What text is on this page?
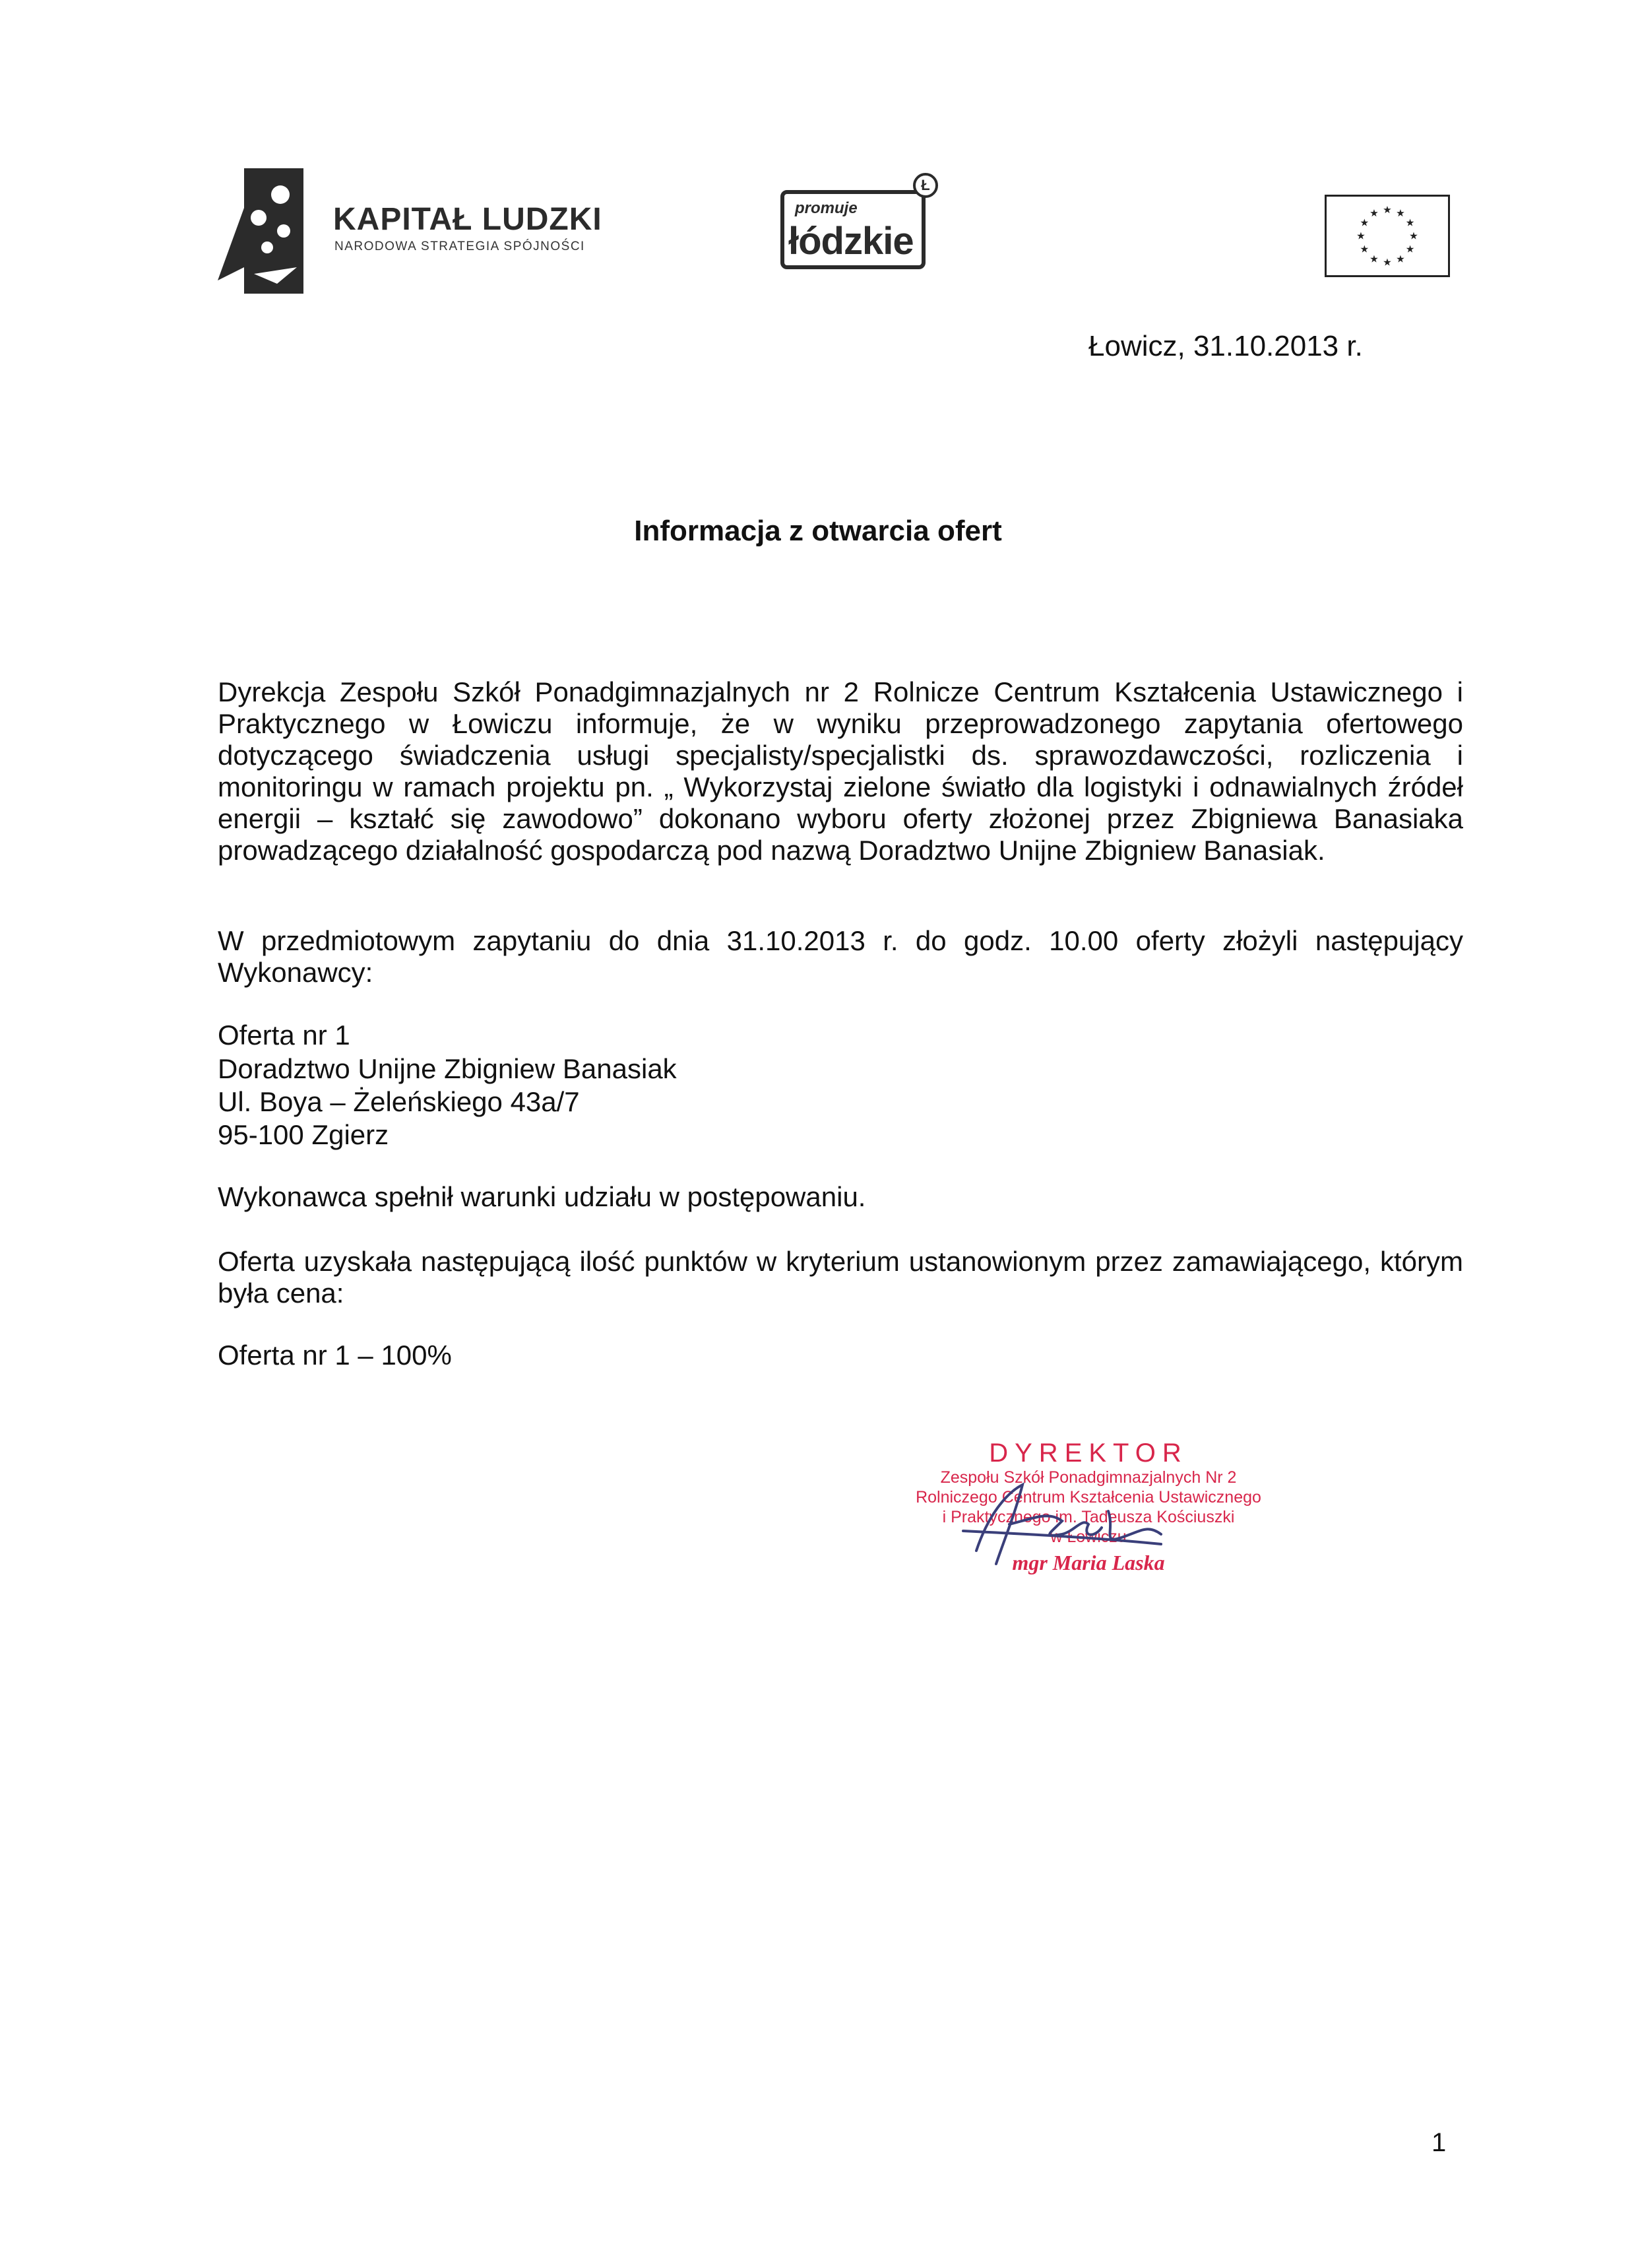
KAPITAŁ LUDZKI
NARODOWA STRATEGIA SPÓJNOŚCI
promuje
łódzkie
Ł
★
★
★
★
★
★
★
★
★ ★ ★
★
Łowicz, 31.10.2013 r.
Informacja z otwarcia ofert
Dyrekcja Zespołu Szkół Ponadgimnazjalnych nr 2 Rolnicze Centrum Kształcenia Ustawicznego i Praktycznego w Łowiczu informuje, że w wyniku przeprowadzonego zapytania ofertowego dotyczącego świadczenia usługi specjalisty/specjalistki ds. sprawozdawczości, rozliczenia i monitoringu w ramach projektu pn. „ Wykorzystaj zielone światło dla logistyki i odnawialnych źródeł energii – kształć się zawodowo” dokonano wyboru oferty złożonej przez Zbigniewa Banasiaka prowadzącego działalność gospodarczą pod nazwą Doradztwo Unijne Zbigniew Banasiak.
W przedmiotowym zapytaniu do dnia 31.10.2013 r. do godz. 10.00 oferty złożyli następujący Wykonawcy:
Oferta nr 1
Doradztwo Unijne Zbigniew Banasiak
Ul. Boya – Żeleńskiego 43a/7
95-100 Zgierz
Wykonawca spełnił warunki udziału w postępowaniu.
Oferta uzyskała następującą ilość punktów w kryterium ustanowionym przez zamawiającego, którym była cena:
Oferta nr 1 – 100%
DYREKTOR
Zespołu Szkół Ponadgimnazjalnych Nr 2
Rolniczego Centrum Kształcenia Ustawicznego
i Praktycznego im. Tadeusza Kościuszki
w Łowiczu
mgr Maria Laska
1
